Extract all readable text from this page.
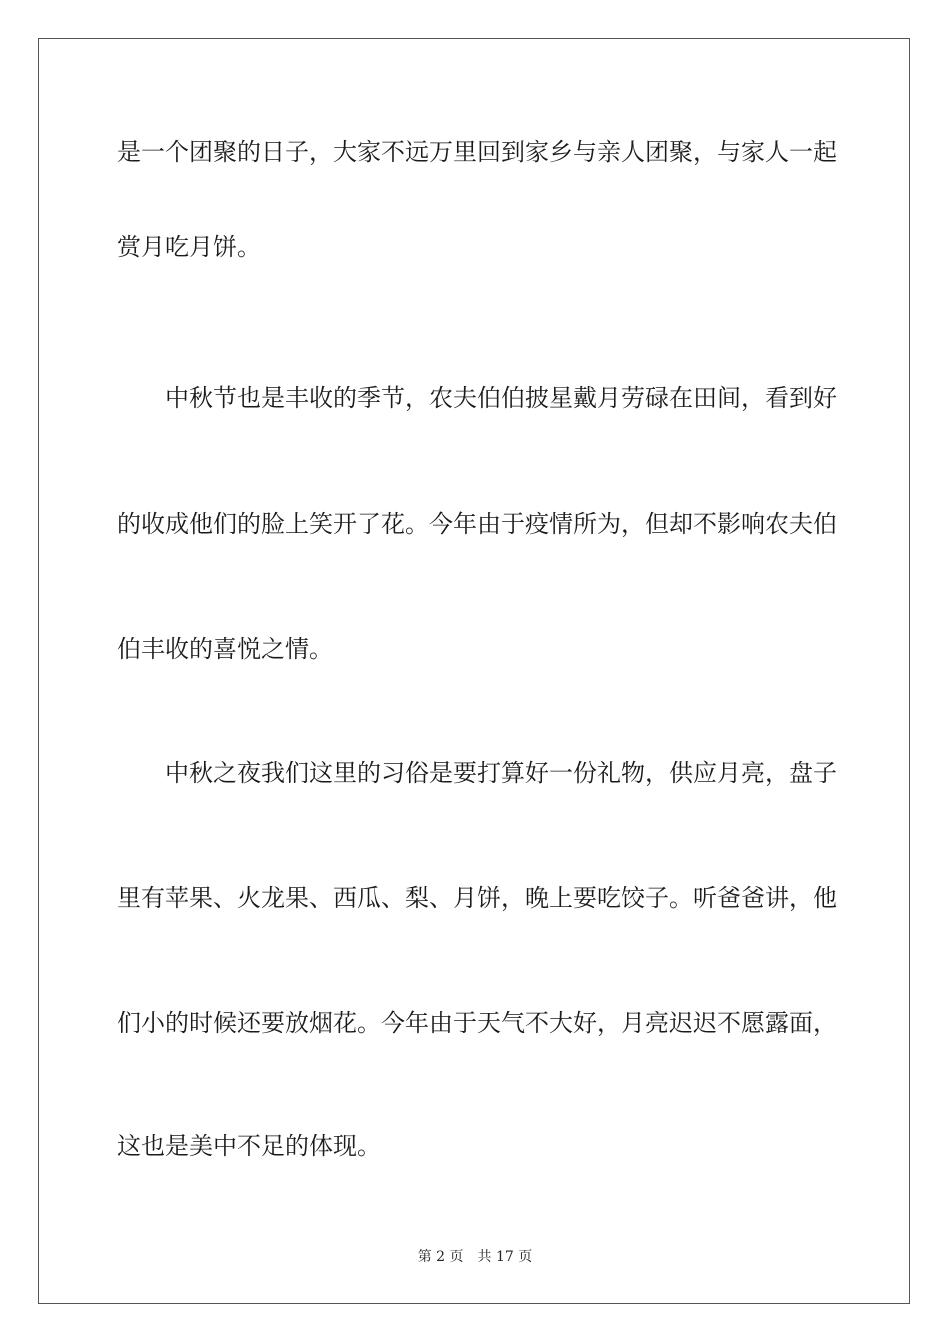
是一个团聚的日子，大家不远万里回到家乡与亲人团聚，与家人一起
赏月吃月饼。
中秋节也是丰收的季节，农夫伯伯披星戴月劳碌在田间，看到好
的收成他们的脸上笑开了花。今年由于疫情所为，但却不影响农夫伯
伯丰收的喜悦之情。
中秋之夜我们这里的习俗是要打算好一份礼物，供应月亮，盘子
里有苹果、火龙果、西瓜、梨、月饼，晚上要吃饺子。听爸爸讲，他
们小的时候还要放烟花。今年由于天气不大好，月亮迟迟不愿露面，
这也是美中不足的体现。
第 2 页 共 17 页
